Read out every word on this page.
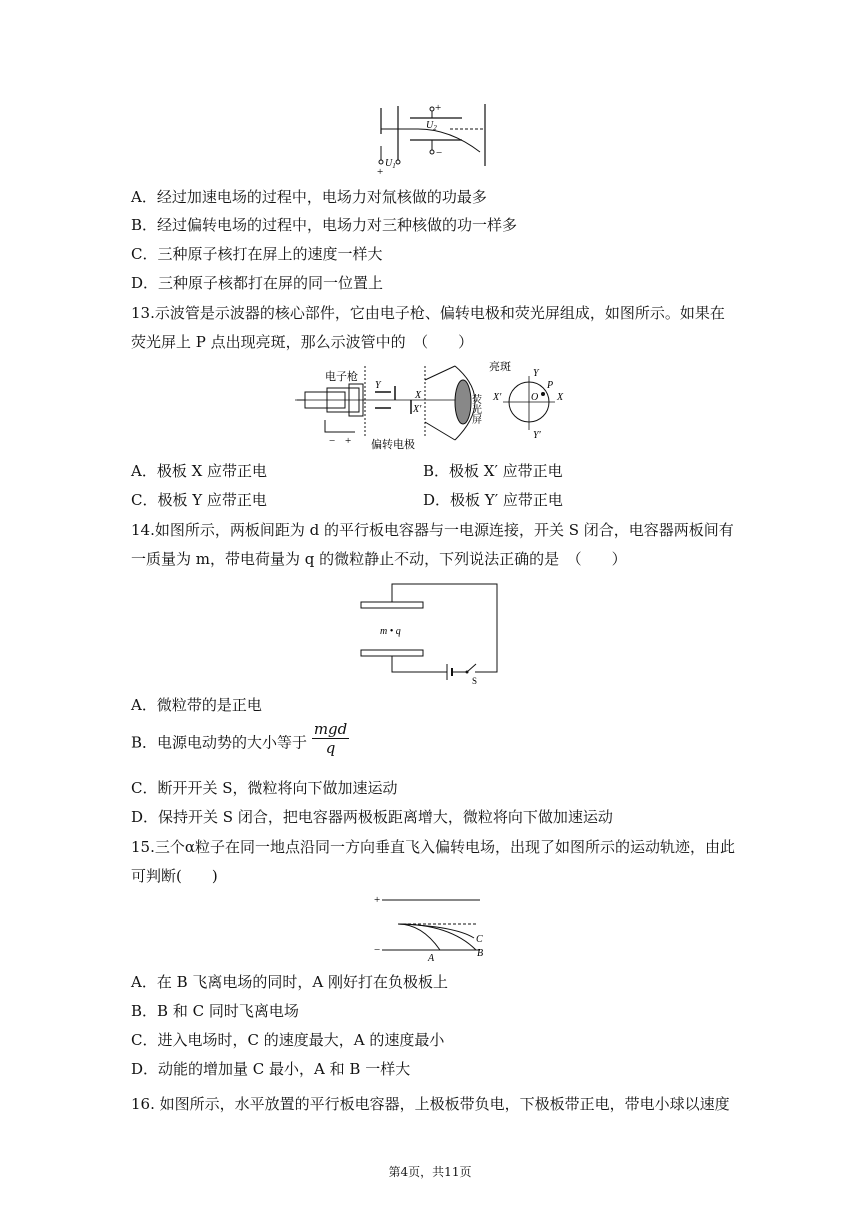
+
$U_2$
−
$U_1$
+
A．经过加速电场的过程中，电场力对氚核做的功最多
B．经过偏转电场的过程中，电场力对三种核做的功一样多
C．三种原子核打在屏上的速度一样大
D．三种原子核都打在屏的同一位置上
13.示波管是示波器的核心部件，它由电子枪、偏转电极和荧光屏组成，如图所示。如果在
荧光屏上 P 点出现亮斑，那么示波管中的　（　　）
电子枪
亮斑
偏转电极
荧光屏
Y
X
X′
Y
Y′
X
X′	O
P
− +
A．极板 X 应带正电	B．极板 X′ 应带正电
C．极板 Y 应带正电	D．极板 Y′ 应带正电
14.如图所示，两板间距为 d 的平行板电容器与一电源连接，开关 S 闭合，电容器两板间有
一质量为 m，带电荷量为 q 的微粒静止不动，下列说法正确的是　（　　）
m • q
S
A．微粒带的是正电
B．电源电动势的大小等于 $\frac{\text{mgd}}{q}$
C．断开开关 S，微粒将向下做加速运动
D．保持开关 S 闭合，把电容器两极板距离增大，微粒将向下做加速运动
15.三个α粒子在同一地点沿同一方向垂直飞入偏转电场，出现了如图所示的运动轨迹，由此
可判断(　　)
+
−
A	B
C
A．在 B 飞离电场的同时，A 刚好打在负极板上
B．B 和 C 同时飞离电场
C．进入电场时，C 的速度最大，A 的速度最小
D．动能的增加量 C 最小，A 和 B 一样大
16. 如图所示，水平放置的平行板电容器，上极板带负电，下极板带正电，带电小球以速度
第4页，共11页
